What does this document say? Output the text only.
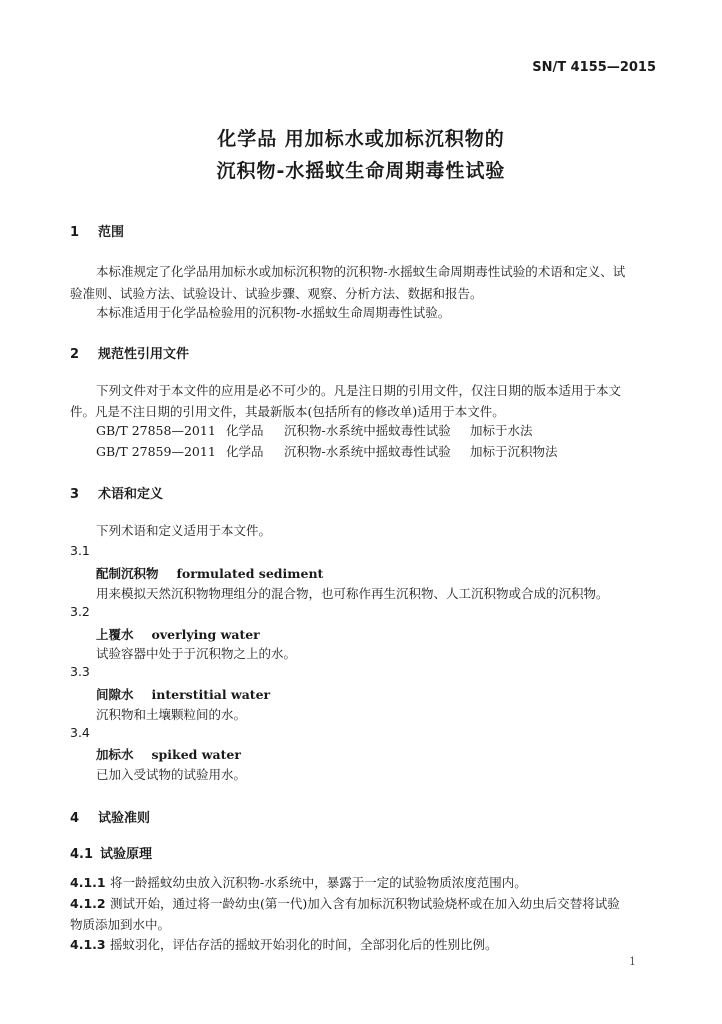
SN/T 4155—2015
化学品 用加标水或加标沉积物的
沉积物-水摇蚊生命周期毒性试验
1 范围
本标准规定了化学品用加标水或加标沉积物的沉积物-水摇蚊生命周期毒性试验的术语和定义、试
验准则、试验方法、试验设计、试验步骤、观察、分析方法、数据和报告。
本标准适用于化学品检验用的沉积物-水摇蚊生命周期毒性试验。
2 规范性引用文件
下列文件对于本文件的应用是必不可少的。凡是注日期的引用文件，仅注日期的版本适用于本文
件。凡是不注日期的引用文件，其最新版本(包括所有的修改单)适用于本文件。
GB/T 27858—2011 化学品 沉积物-水系统中摇蚊毒性试验 加标于水法
GB/T 27859—2011 化学品 沉积物-水系统中摇蚊毒性试验 加标于沉积物法
3 术语和定义
下列术语和定义适用于本文件。
3.1
配制沉积物 formulated sediment
用来模拟天然沉积物物理组分的混合物，也可称作再生沉积物、人工沉积物或合成的沉积物。
3.2
上覆水 overlying water
试验容器中处于于沉积物之上的水。
3.3
间隙水 interstitial water
沉积物和土壤颗粒间的水。
3.4
加标水 spiked water
已加入受试物的试验用水。
4 试验准则
4.1 试验原理
4.1.1 将一龄摇蚊幼虫放入沉积物-水系统中，暴露于一定的试验物质浓度范围内。
4.1.2 测试开始，通过将一龄幼虫(第一代)加入含有加标沉积物试验烧杯或在加入幼虫后交替将试验
物质添加到水中。
4.1.3 摇蚊羽化，评估存活的摇蚊开始羽化的时间，全部羽化后的性别比例。
1
